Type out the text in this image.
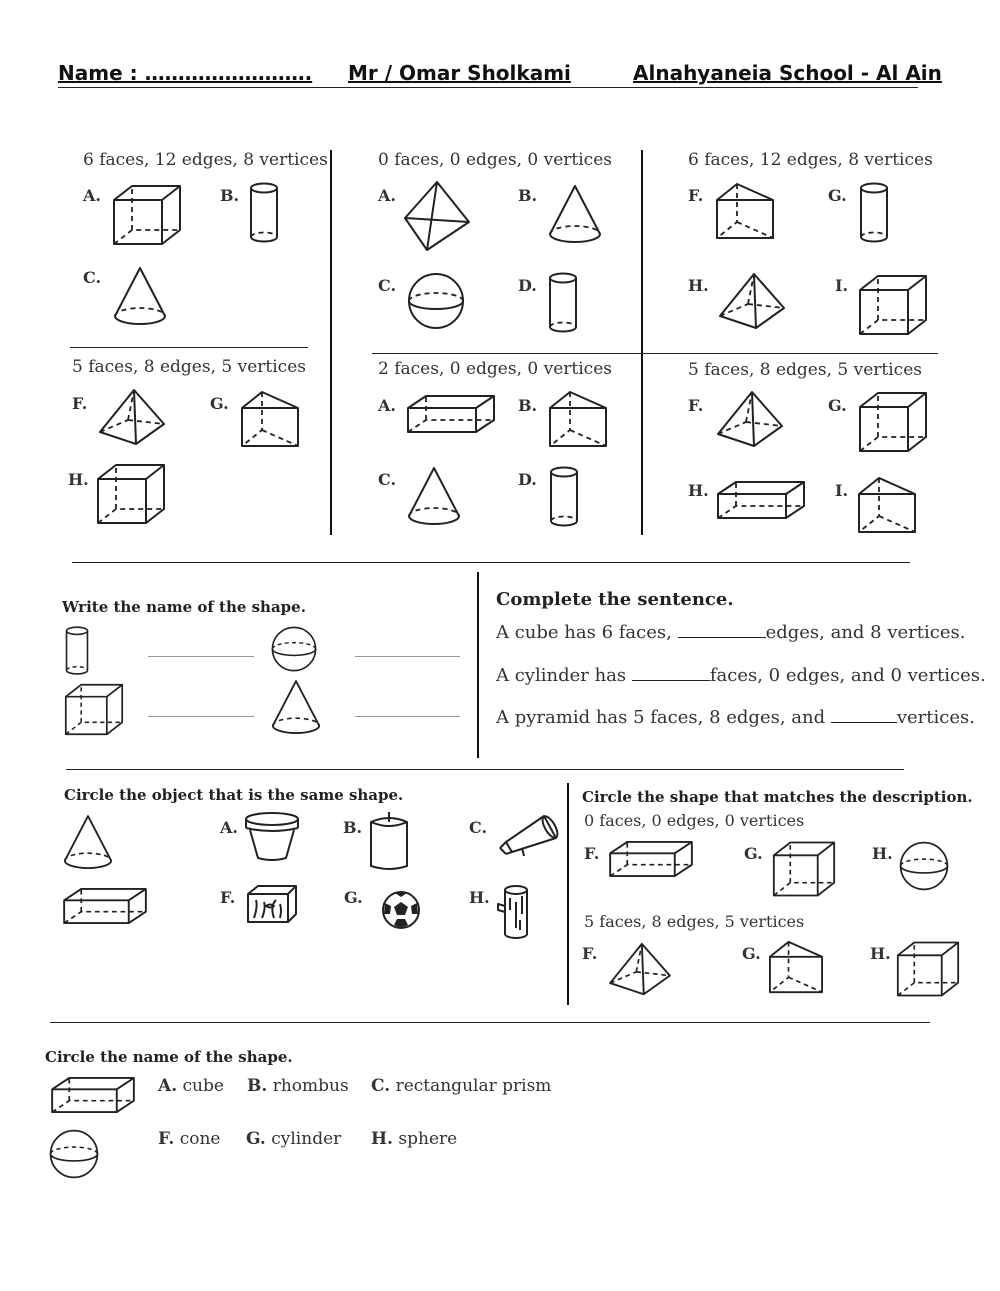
Name : ……………………. Mr / Omar Sholkami	Alnahyaneia School - Al Ain
6 faces, 12 edges, 8 vertices
A.	B.
C.
0 faces, 0 edges, 0 vertices
A.	B.
C.	D.
6 faces, 12 edges, 8 vertices
F.	G.
H.	I.
5 faces, 8 edges, 5 vertices
F.	G.
H.
2 faces, 0 edges, 0 vertices
A.	B.
C.	D.
5 faces, 8 edges, 5 vertices
F.	G.
H.	I.
Write the name of the shape.	Complete the sentence.
A cube has 6 faces,	edges, and 8 vertices.
A cylinder has	faces, 0 edges, and 0 vertices.
A pyramid has 5 faces, 8 edges, and	vertices.
Circle the object that is the same shape.
A.	B.	C.
F.	G.	H.
Circle the shape that matches the description.
0 faces, 0 edges, 0 vertices
F.	G.	H.
5 faces, 8 edges, 5 vertices
F.	G.	H.
Circle the name of the shape.
A. cube B. rhombus C. rectangular prism
F. cone G. cylinder H. sphere
